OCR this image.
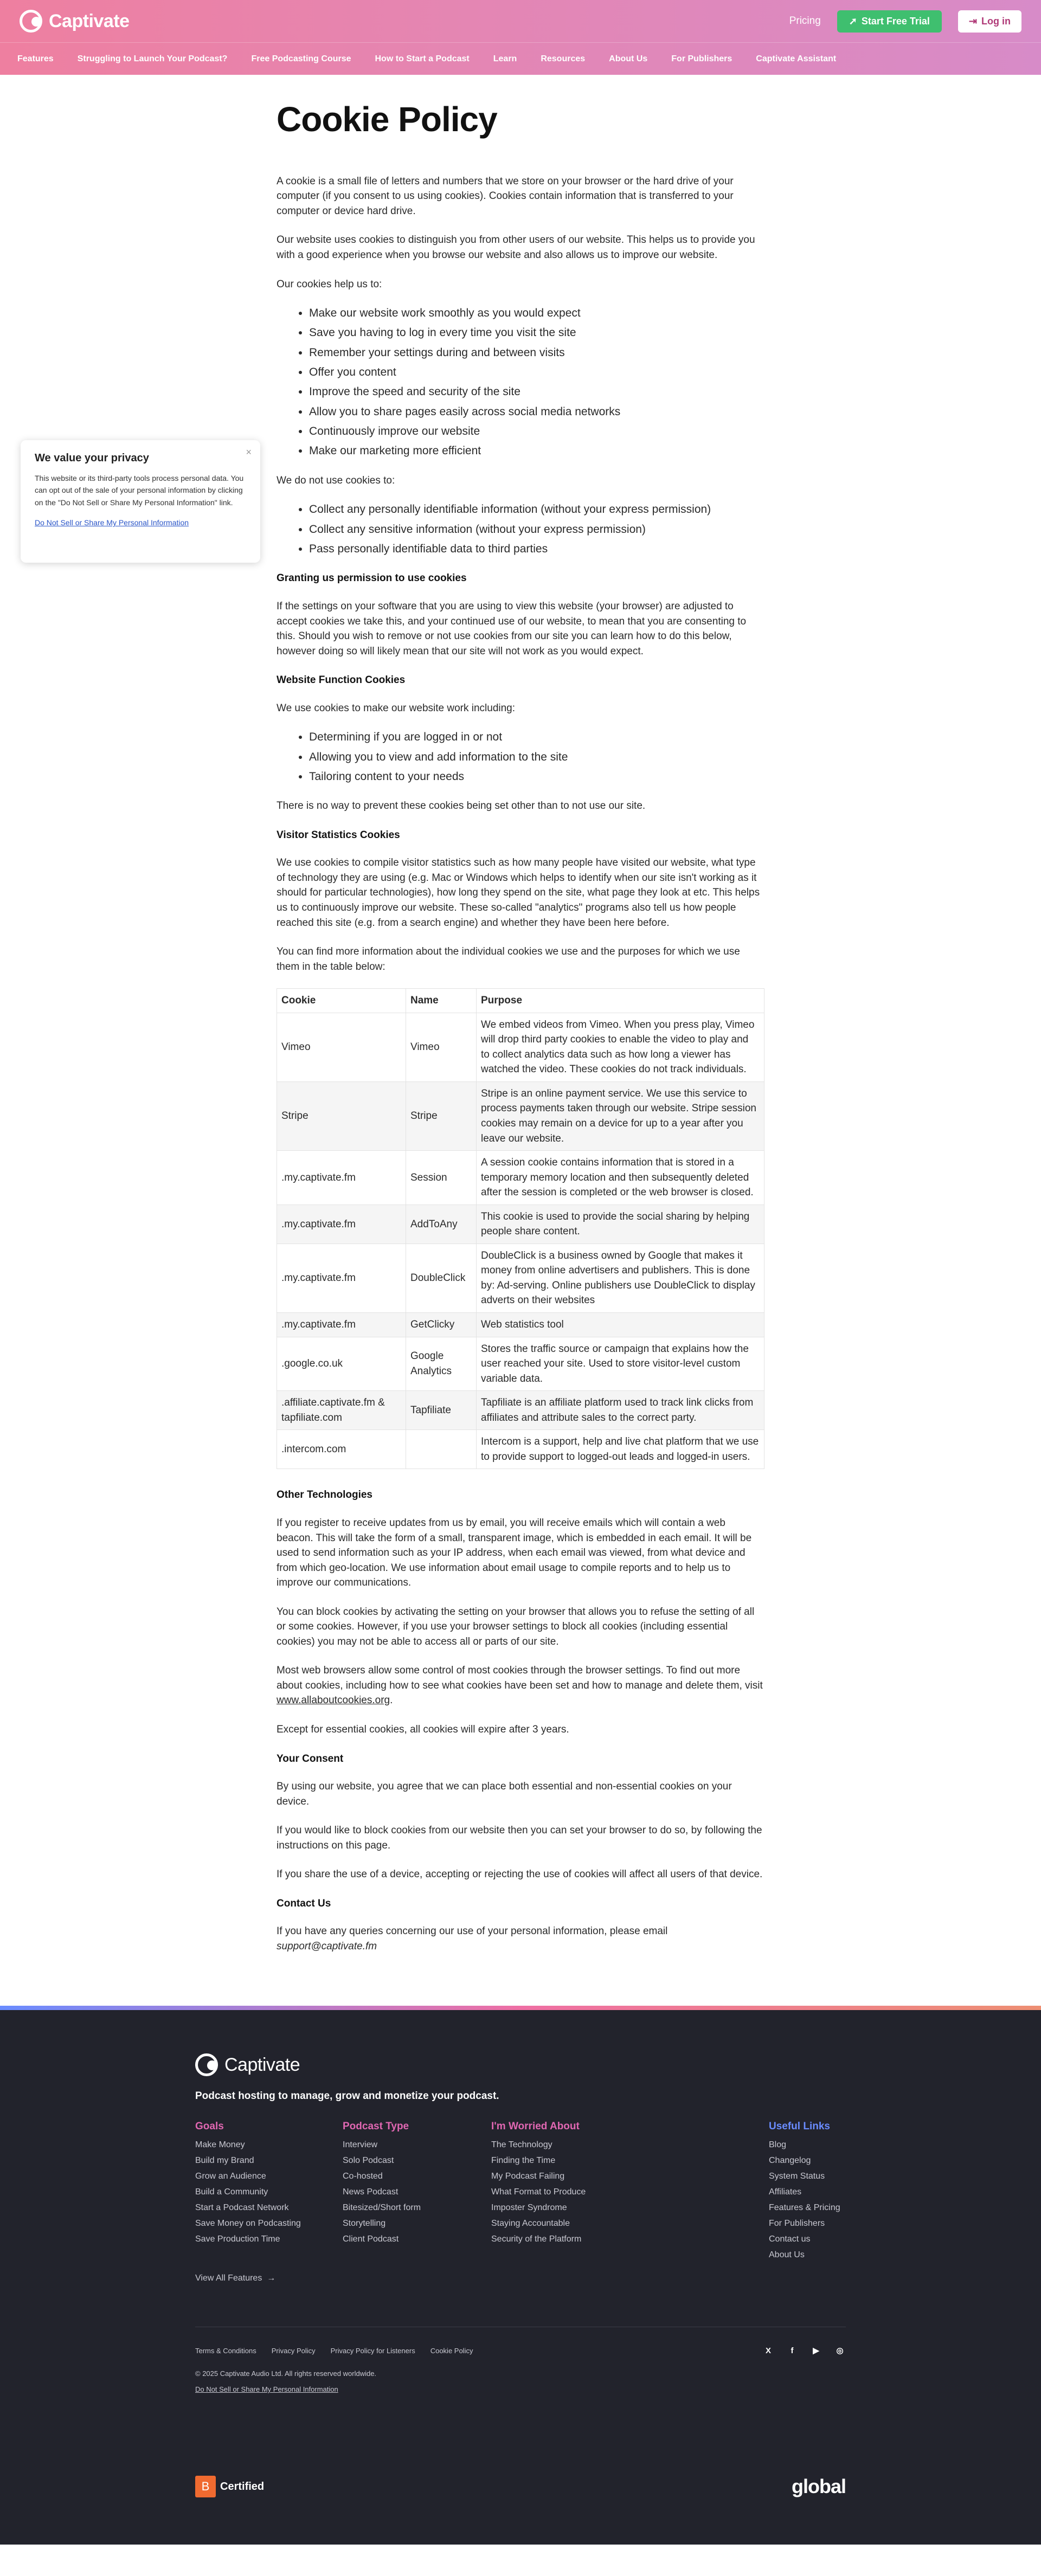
Captivate	Pricing	➚ Start Free Trial	⇥ Log in
Features	Struggling to Launch Your Podcast?	Free Podcasting Course	How to Start a Podcast	Learn	Resources	About Us	For Publishers	Captivate Assistant
Cookie Policy

A cookie is a small file of letters and numbers that we store on your browser or the hard drive of your computer (if you consent to us using cookies). Cookies contain information that is transferred to your computer or device hard drive.

Our website uses cookies to distinguish you from other users of our website. This helps us to provide you with a good experience when you browse our website and also allows us to improve our website.

Our cookies help us to:

• Make our website work smoothly as you would expect
• Save you having to log in every time you visit the site
• Remember your settings during and between visits
• Offer you content
• Improve the speed and security of the site
• Allow you to share pages easily across social media networks
• Continuously improve our website
• Make our marketing more efficient

We do not use cookies to:

• Collect any personally identifiable information (without your express permission)
• Collect any sensitive information (without your express permission)
• Pass personally identifiable data to third parties
Granting us permission to use cookies

If the settings on your software that you are using to view this website (your browser) are adjusted to accept cookies we take this, and your continued use of our website, to mean that you are consenting to this. Should you wish to remove or not use cookies from our site you can learn how to do this below, however doing so will likely mean that our site will not work as you would expect.

Website Function Cookies

We use cookies to make our website work including:

• Determining if you are logged in or not
• Allowing you to view and add information to the site
• Tailoring content to your needs

There is no way to prevent these cookies being set other than to not use our site.

Visitor Statistics Cookies

We use cookies to compile visitor statistics such as how many people have visited our website, what type of technology they are using (e.g. Mac or Windows which helps to identify when our site isn't working as it should for particular technologies), how long they spend on the site, what page they look at etc. This helps us to continuously improve our website. These so-called "analytics" programs also tell us how people reached this site (e.g. from a search engine) and whether they have been here before.

You can find more information about the individual cookies we use and the purposes for which we use them in the table below:

Cookie	Name	Purpose
Vimeo	Vimeo	We embed videos from Vimeo. When you press play, Vimeo will drop third party cookies to enable the video to play and to collect analytics data such as how long a viewer has watched the video. These cookies do not track individuals.
Stripe	Stripe	Stripe is an online payment service. We use this service to process payments taken through our website. Stripe session cookies may remain on a device for up to a year after you leave our website.
.my.captivate.fm	Session	A session cookie contains information that is stored in a temporary memory location and then subsequently deleted after the session is completed or the web browser is closed.
.my.captivate.fm	AddToAny	This cookie is used to provide the social sharing by helping people share content.
.my.captivate.fm	DoubleClick	DoubleClick is a business owned by Google that makes it money from online advertisers and publishers. This is done by: Ad-serving. Online publishers use DoubleClick to display adverts on their websites
.my.captivate.fm	GetClicky	Web statistics tool
.google.co.uk	Google Analytics	Stores the traffic source or campaign that explains how the user reached your site. Used to store visitor-level custom variable data.
.affiliate.captivate.fm & tapfiliate.com	Tapfiliate	Tapfiliate is an affiliate platform used to track link clicks from affiliates and attribute sales to the correct party.
.intercom.com		Intercom is a support, help and live chat platform that we use to provide support to logged-out leads and logged-in users.
Other Technologies

If you register to receive updates from us by email, you will receive emails which will contain a web beacon. This will take the form of a small, transparent image, which is embedded in each email. It will be used to send information such as your IP address, when each email was viewed, from what device and from which geo-location. We use information about email usage to compile reports and to help us to improve our communications.

You can block cookies by activating the setting on your browser that allows you to refuse the setting of all or some cookies. However, if you use your browser settings to block all cookies (including essential cookies) you may not be able to access all or parts of our site.

Most web browsers allow some control of most cookies through the browser settings. To find out more about cookies, including how to see what cookies have been set and how to manage and delete them, visit www.allaboutcookies.org.

Except for essential cookies, all cookies will expire after 3 years.

Your Consent

By using our website, you agree that we can place both essential and non-essential cookies on your device.

If you would like to block cookies from our website then you can set your browser to do so, by following the instructions on this page.

If you share the use of a device, accepting or rejecting the use of cookies will affect all users of that device.

Contact Us

If you have any queries concerning our use of your personal information, please email
support@captivate.fm

×
We value your privacy
This website or its third-party tools process personal data. You can opt out of the sale of your personal information by clicking on the "Do Not Sell or Share My Personal Information" link.
Do Not Sell or Share My Personal Information
Captivate
Podcast hosting to manage, grow and monetize your podcast.
Goals
Make Money
Build my Brand
Grow an Audience
Build a Community
Start a Podcast Network
Save Money on Podcasting
Save Production Time
Podcast Type
Interview
Solo Podcast
Co-hosted
News Podcast
Bitesized/Short form
Storytelling
Client Podcast
I'm Worried About
The Technology
Finding the Time
My Podcast Failing
What Format to Produce
Imposter Syndrome
Staying Accountable
Security of the Platform
Useful Links
Blog
Changelog
System Status
Affiliates
Features & Pricing
For Publishers
Contact us
About Us
View All Features  →
Terms & Conditions Privacy Policy Privacy Policy for Listeners Cookie Policy	X	f	▶	◎
© 2025 Captivate Audio Ltd. All rights reserved worldwide.
Do Not Sell or Share My Personal Information
B Certified	global
